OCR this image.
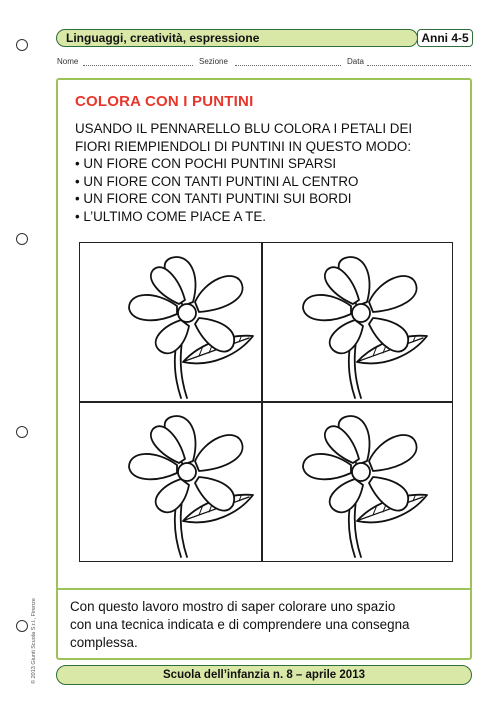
Linguaggi, creatività, espressione	Anni 4-5
Nome	Sezione	Data
COLORA CON I PUNTINI
USANDO IL PENNARELLO BLU COLORA I PETALI DEI
FIORI RIEMPIENDOLI DI PUNTINI IN QUESTO MODO:
• UN FIORE CON POCHI PUNTINI SPARSI
• UN FIORE CON TANTI PUNTINI AL CENTRO
• UN FIORE CON TANTI PUNTINI SUI BORDI
• L’ULTIMO COME PIACE A TE.
Con questo lavoro mostro di saper colorare uno spazio
con una tecnica indicata e di comprendere una consegna
complessa.
Scuola dell’infanzia n. 8 – aprile 2013
© 2013 Giunti Scuola S.r.l., Firenze
